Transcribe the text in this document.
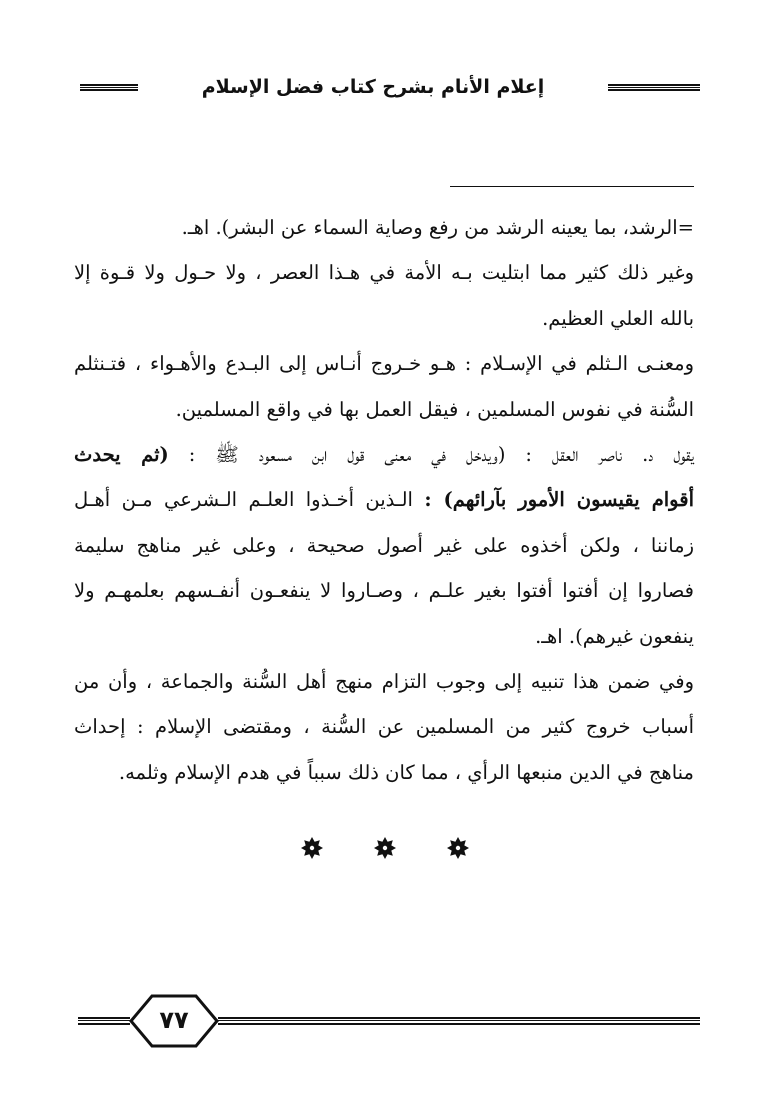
إعلام الأنام بشرح كتاب فضل الإسلام

=الرشد، بما يعينه الرشد من رفع وصاية السماء عن البشر). اهـ.

وغير ذلك كثير مما ابتليت بـه الأمة في هـذا العصر ، ولا حـول ولا قـوة إلا
بالله العلي العظيم.

ومعنـى الـثلم في الإسـلام : هـو خـروج أنـاس إلى البـدع والأهـواء ، فتـنثلم
السُّنة في نفوس المسلمين ، فيقل العمل بها في واقع المسلمين.

يقول د. ناصر العقل : (ويدخل في معنى قول ابن مسعود ﷺ : (ثم يحدث
أقوام يقيسون الأمور بآرائهم) : الـذين أخـذوا العلـم الـشرعي مـن أهـل
زماننا ، ولكن أخذوه على غير أصول صحيحة ، وعلى غير مناهج سليمة
فصاروا إن أفتوا أفتوا بغير علـم ، وصـاروا لا ينفعـون أنفـسهم بعلمهـم ولا
ينفعون غيرهم). اهـ.

وفي ضمن هذا تنبيه إلى وجوب التزام منهج أهل السُّنة والجماعة ، وأن من
أسباب خروج كثير من المسلمين عن السُّنة ، ومقتضى الإسلام : إحداث
مناهج في الدين منبعها الرأي ، مما كان ذلك سبباً في هدم الإسلام وثلمه.

٧٧
